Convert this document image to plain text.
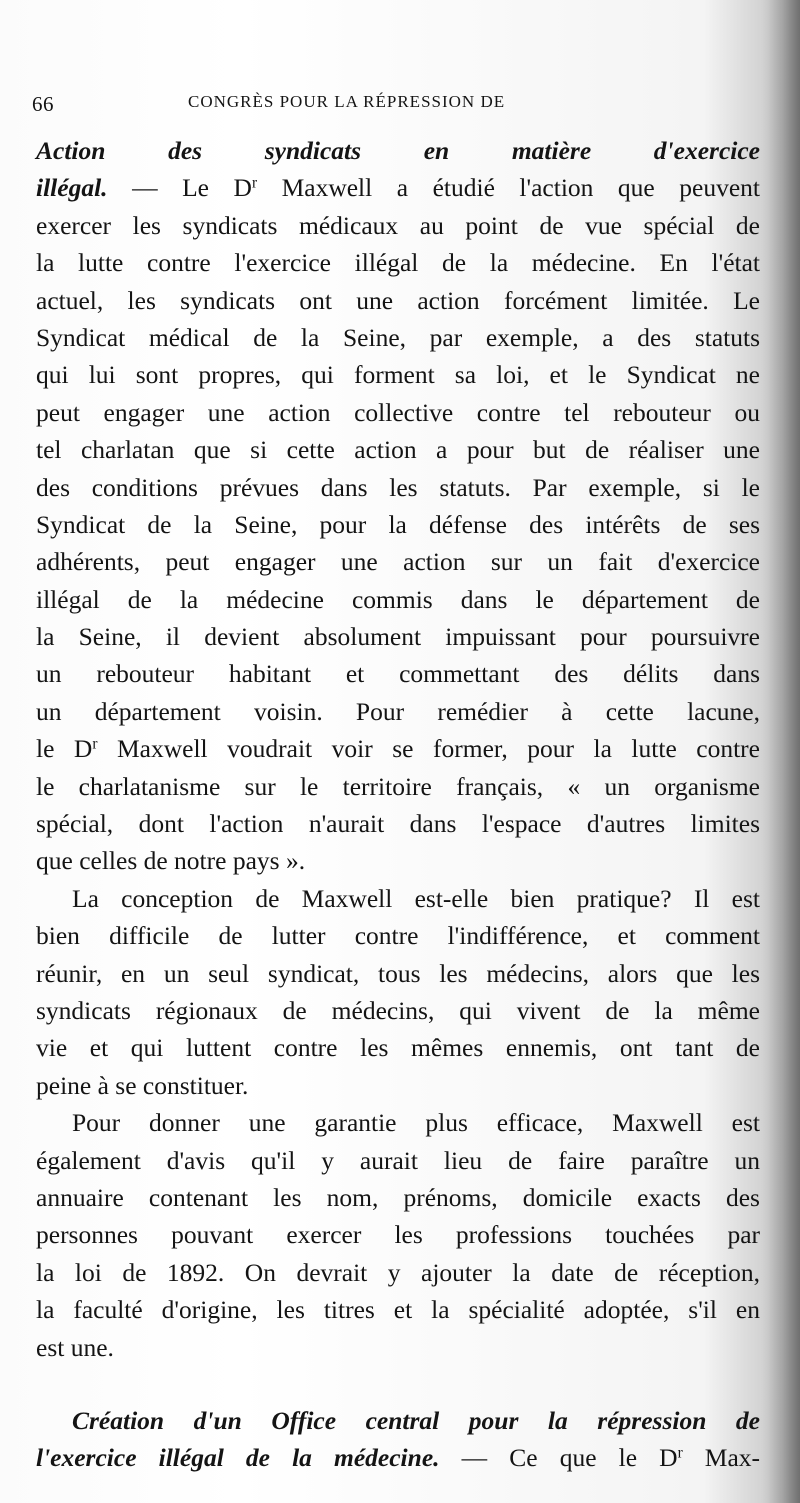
66	CONGRÈS POUR LA RÉPRESSION DE
Action des syndicats en matière d'exercice
illégal. — Le $D^r$ Maxwell a étudié l'action que peuvent
exercer les syndicats médicaux au point de vue spécial de
la lutte contre l'exercice illégal de la médecine. En l'état
actuel, les syndicats ont une action forcément limitée. Le
Syndicat médical de la Seine, par exemple, a des statuts
qui lui sont propres, qui forment sa loi, et le Syndicat ne
peut engager une action collective contre tel rebouteur ou
tel charlatan que si cette action a pour but de réaliser une
des conditions prévues dans les statuts. Par exemple, si le
Syndicat de la Seine, pour la défense des intérêts de ses
adhérents, peut engager une action sur un fait d'exercice
illégal de la médecine commis dans le département de
la Seine, il devient absolument impuissant pour poursuivre
un rebouteur habitant et commettant des délits dans
un département voisin. Pour remédier à cette lacune,
le $D^r$ Maxwell voudrait voir se former, pour la lutte contre
le charlatanisme sur le territoire français, « un organisme
spécial, dont l'action n'aurait dans l'espace d'autres limites
que celles de notre pays ».
La conception de Maxwell est-elle bien pratique? Il est
bien difficile de lutter contre l'indifférence, et comment
réunir, en un seul syndicat, tous les médecins, alors que les
syndicats régionaux de médecins, qui vivent de la même
vie et qui luttent contre les mêmes ennemis, ont tant de
peine à se constituer.
Pour donner une garantie plus efficace, Maxwell est
également d'avis qu'il y aurait lieu de faire paraître un
annuaire contenant les nom, prénoms, domicile exacts des
personnes pouvant exercer les professions touchées par
la loi de 1892. On devrait y ajouter la date de réception,
la faculté d'origine, les titres et la spécialité adoptée, s'il en
est une.
Création d'un Office central pour la répression de
l'exercice illégal de la médecine. — Ce que le $D^r$ Max-
